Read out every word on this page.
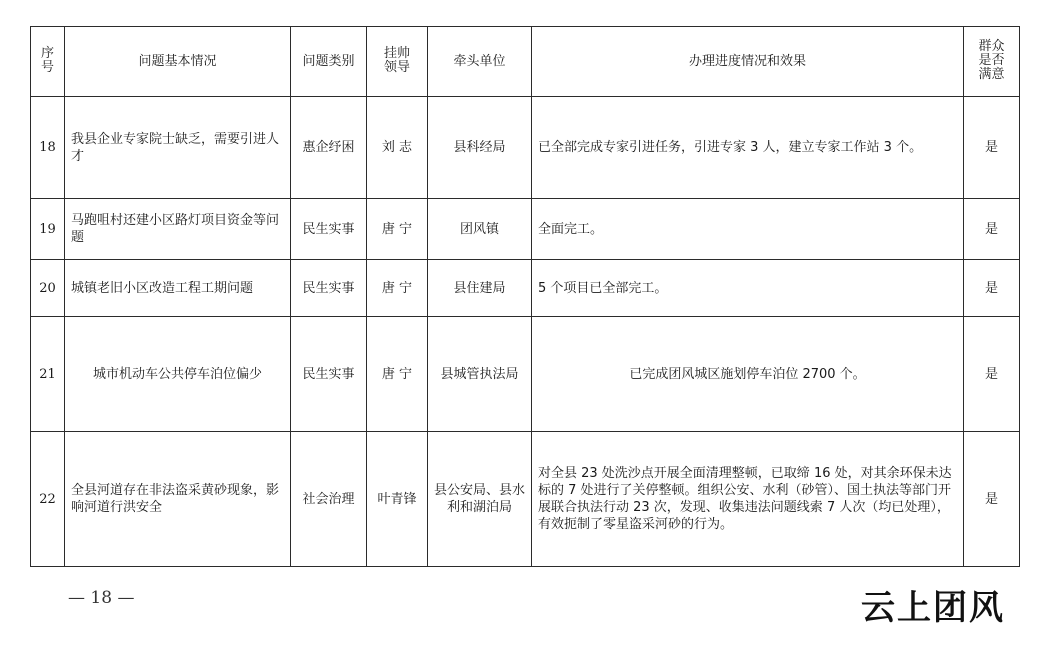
序号	问题基本情况	问题类别	挂帅领导	牵头单位	办理进度情况和效果	群众是否满意
18	我县企业专家院士缺乏，需要引进人才	惠企纾困	刘 志	县科经局	已全部完成专家引进任务，引进专家 3 人，建立专家工作站 3 个。	是
19	马跑咀村还建小区路灯项目资金等问题	民生实事	唐 宁	团风镇	全面完工。	是
20	城镇老旧小区改造工程工期问题	民生实事	唐 宁	县住建局	5 个项目已全部完工。	是
21	城市机动车公共停车泊位偏少	民生实事	唐 宁	县城管执法局	已完成团风城区施划停车泊位 2700 个。	是
22	全县河道存在非法盗采黄砂现象，影响河道行洪安全	社会治理	叶青锋	县公安局、县水利和湖泊局	对全县 23 处洗沙点开展全面清理整顿，已取缔 16 处，对其余环保未达标的 7 处进行了关停整顿。组织公安、水利（砂管）、国土执法等部门开展联合执法行动 23 次，发现、收集违法问题线索 7 人次（均已处理），有效扼制了零星盗采河砂的行为。	是
— 18 —	云上团风
